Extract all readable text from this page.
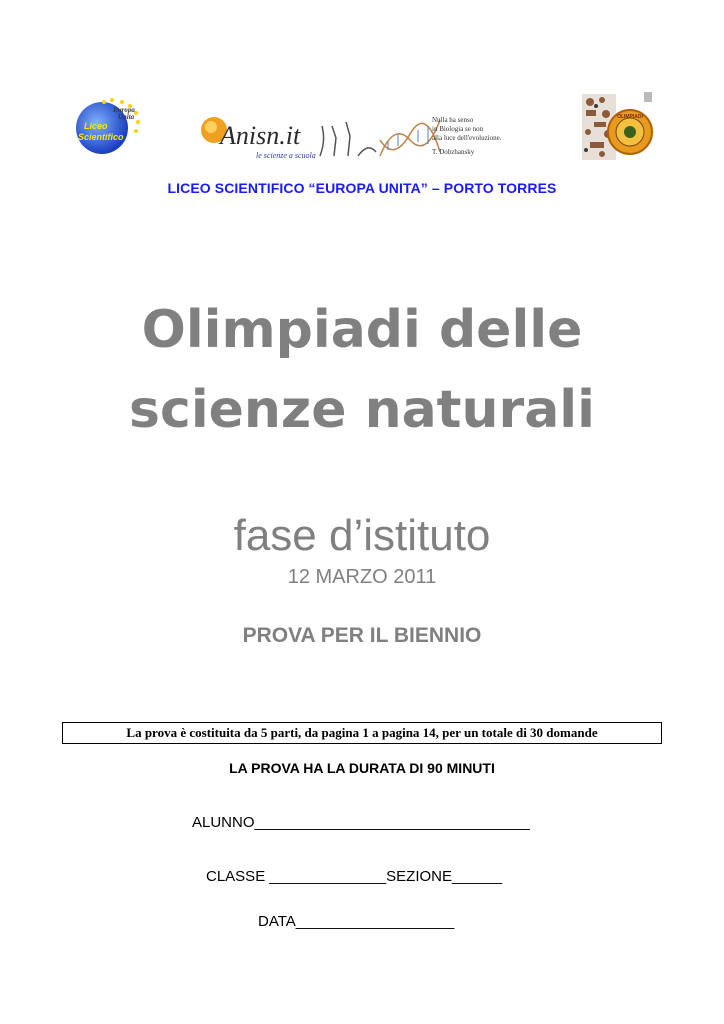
Europa
Unita
Liceo
Scientifico	Anisn.it
le scienze a scuola
Nulla ha senso
in Biologia se non
alla luce dell'evoluzione.
T. Dobzhansky
OLIMPIADI
LICEO SCIENTIFICO “EUROPA UNITA” – PORTO TORRES
Olimpiadi delle
scienze naturali
fase d’istituto
12 MARZO 2011
PROVA PER IL BIENNIO
La prova è costituita da 5 parti, da pagina 1 a pagina 14, per un totale di 30 domande
LA PROVA HA LA DURATA DI 90 MINUTI
ALUNNO_________________________________
CLASSE ______________SEZIONE______
DATA___________________
